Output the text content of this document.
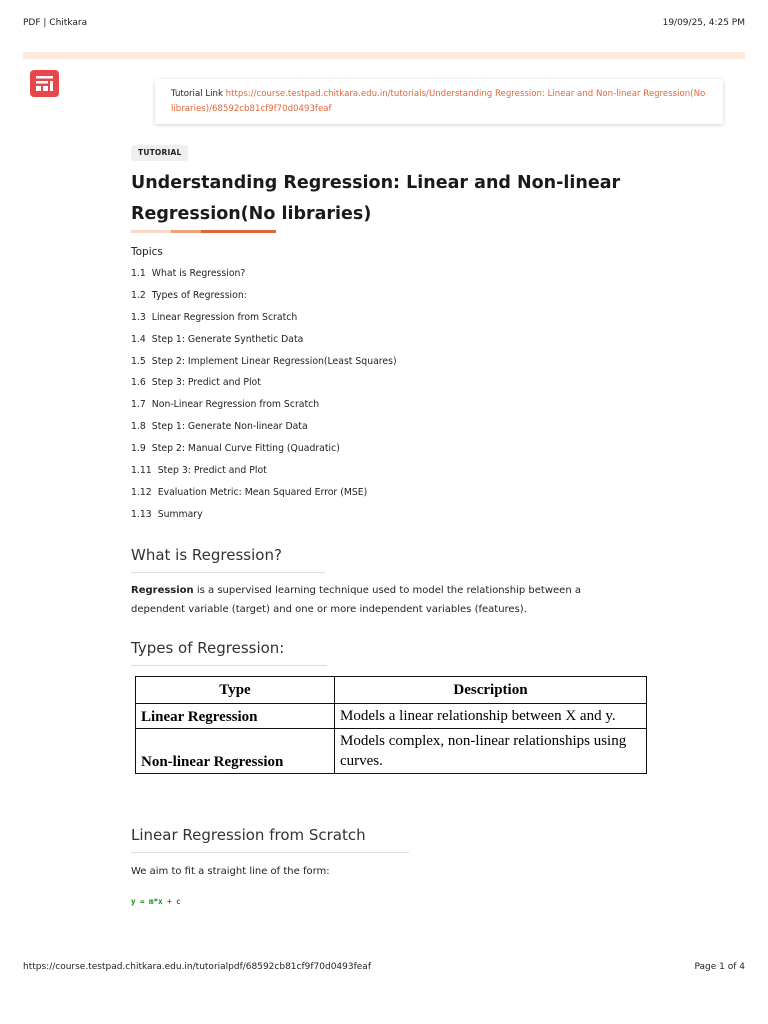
PDF | Chitkara	19/09/25, 4:25 PM
Tutorial Link https://course.testpad.chitkara.edu.in/tutorials/Understanding Regression: Linear and Non-linear Regression(No libraries)/68592cb81cf9f70d0493feaf
TUTORIAL
Understanding Regression: Linear and Non-linear Regression(No libraries)
Topics
1.1 What is Regression?
1.2 Types of Regression:
1.3 Linear Regression from Scratch
1.4 Step 1: Generate Synthetic Data
1.5 Step 2: Implement Linear Regression(Least Squares)
1.6 Step 3: Predict and Plot
1.7 Non-Linear Regression from Scratch
1.8 Step 1: Generate Non-linear Data
1.9 Step 2: Manual Curve Fitting (Quadratic)
1.11 Step 3: Predict and Plot
1.12 Evaluation Metric: Mean Squared Error (MSE)
1.13 Summary
What is Regression?
Regression is a supervised learning technique used to model the relationship between a dependent variable (target) and one or more independent variables (features).
Types of Regression:
Type	Description
Linear Regression	Models a linear relationship between X and y.
Non-linear Regression	Models complex, non-linear relationships using curves.
Linear Regression from Scratch
We aim to fit a straight line of the form:
y = m*x + c
https://course.testpad.chitkara.edu.in/tutorialpdf/68592cb81cf9f70d0493feaf	Page 1 of 4
